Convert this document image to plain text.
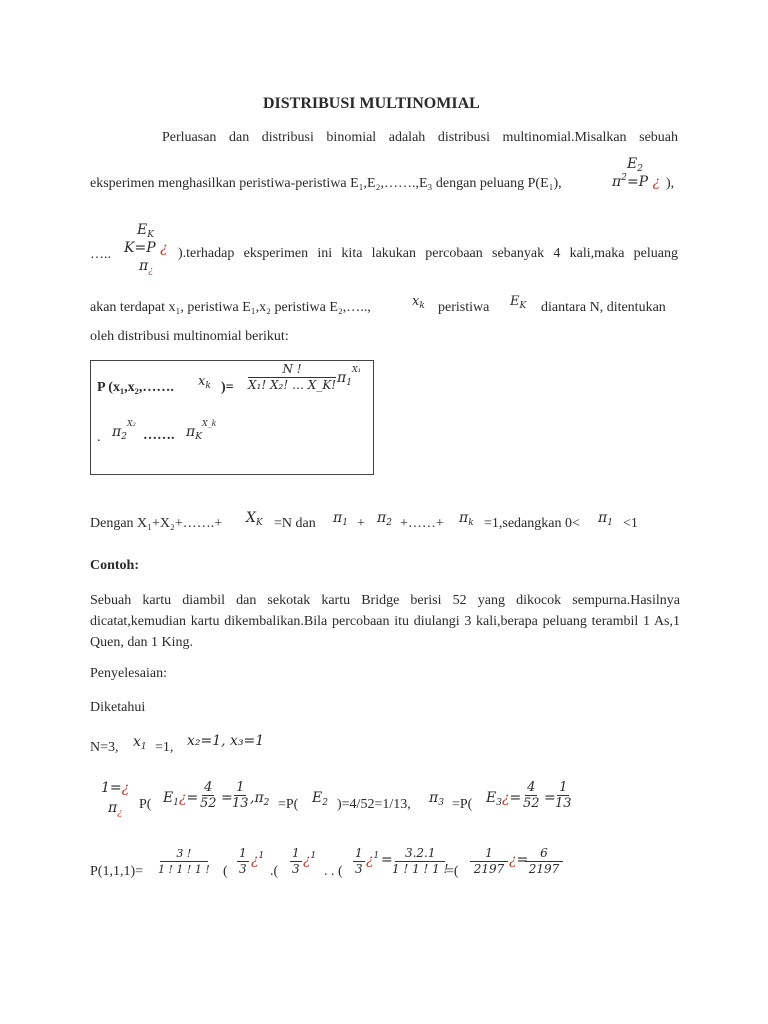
DISTRIBUSI MULTINOMIAL
Perluasan dan distribusi binomial adalah distribusi multinomial.Misalkan sebuah
$E_2$
$\pi^2=P$ ¿
eksperimen menghasilkan peristiwa-peristiwa E₁,E₂,…….,E₃ dengan peluang P(E₁),	),
$E_K$
K=P ¿
$\pi_¿$
…..	).terhadap eksperimen ini kita lakukan percobaan sebanyak 4 kali,maka peluang
akan terdapat x₁, peristiwa E₁,x₂ peristiwa E₂,…..,	$x_k$ peristiwa $E_K$ diantara N, ditentukan
oleh distribusi multinomial berikut:
P (x₁,x₂,……. $x_k$ )= $\frac{N !}{\text{X₁! X₂! … X\_K!}}$
$\pi_1^{X_1}$
. $\pi_2^{X_2}$
……. $\pi_K^{X\_k}$
Dengan X₁+X₂+…….+ $X_K =N$ dan $\pi_1 + \pi_2$ +……+ $\pi_k$ =1,sedangkan $0< \pi_1 <1$
Contoh:
Sebuah kartu diambil dan sekotak kartu Bridge berisi 52 yang dikocok sempurna.Hasilnya dicatat,kemudian kartu dikembalikan.Bila percobaan itu diulangi 3 kali,berapa peluang terambil 1 As,1 Quen, dan 1 King.
Penyelesaian:
Diketahui
N=3, $x_1 =1$, x₂=1, x₃=1
1=¿
$\pi_¿$
P( $E_1¿= \frac{4}{52}$ =
$\frac{1}{13} ,\pi_2 =P$( $E_2$ )=4/52=1/13, $\pi_3 =P$( $E_3¿= \frac{4}{52}$ =
$\frac{1}{13}$
$P(1,1,1)= \frac{3 !}{1 ! 1 ! 1 !}$ ( $\frac{1}{3}$ ¿$^1$
.( $\frac{1}{3}$ ¿$^1$
. . ( $\frac{1}{3}$ ¿$^1$ =
$\frac{3.2.1}{1 ! 1 ! 1 !}$
=( $\frac{1}{2197}$ ¿=
$\frac{6}{2197}$
